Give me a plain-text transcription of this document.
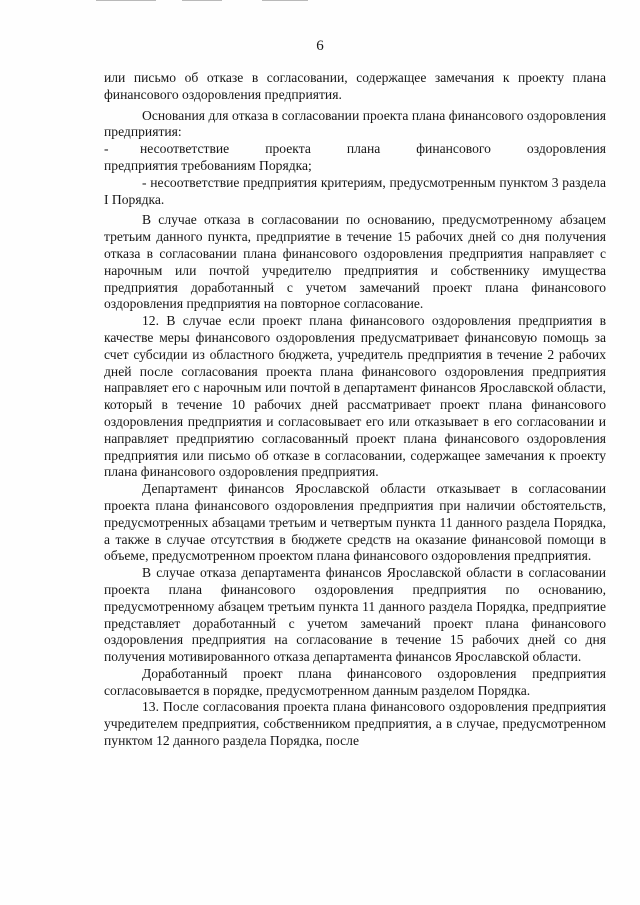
6

или письмо об отказе в согласовании, содержащее замечания к проекту плана финансового оздоровления предприятия.

Основания для отказа в согласовании проекта плана финансового оздоровления предприятия:

-	несоответствие проекта плана финансового оздоровления

предприятия требованиям Порядка;

- несоответствие предприятия критериям, предусмотренным пунктом 3 раздела I Порядка.

В случае отказа в согласовании по основанию, предусмотренному абзацем третьим данного пункта, предприятие в течение 15 рабочих дней со дня получения отказа в согласовании плана финансового оздоровления предприятия направляет с нарочным или почтой учредителю предприятия и собственнику имущества предприятия доработанный с учетом замечаний проект плана финансового оздоровления предприятия на повторное согласование.

12. В случае если проект плана финансового оздоровления предприятия в качестве меры финансового оздоровления предусматривает финансовую помощь за счет субсидии из областного бюджета, учредитель предприятия в течение 2 рабочих дней после согласования проекта плана финансового оздоровления предприятия направляет его с нарочным или почтой в департамент финансов Ярославской области, который в течение 10 рабочих дней рассматривает проект плана финансового оздоровления предприятия и согласовывает его или отказывает в его согласовании и направляет предприятию согласованный проект плана финансового оздоровления предприятия или письмо об отказе в согласовании, содержащее замечания к проекту плана финансового оздоровления предприятия.

Департамент финансов Ярославской области отказывает в согласовании проекта плана финансового оздоровления предприятия при наличии обстоятельств, предусмотренных абзацами третьим и четвертым пункта 11 данного раздела Порядка, а также в случае отсутствия в бюджете средств на оказание финансовой помощи в объеме, предусмотренном проектом плана финансового оздоровления предприятия.

В случае отказа департамента финансов Ярославской области в согласовании проекта плана финансового оздоровления предприятия по основанию, предусмотренному абзацем третьим пункта 11 данного раздела Порядка, предприятие представляет доработанный с учетом замечаний проект плана финансового оздоровления предприятия на согласование в течение 15 рабочих дней со дня получения мотивированного отказа департамента финансов Ярославской области.

Доработанный проект плана финансового оздоровления предприятия согласовывается в порядке, предусмотренном данным разделом Порядка.

13. После согласования проекта плана финансового оздоровления предприятия учредителем предприятия, собственником предприятия, а в случае, предусмотренном пунктом 12 данного раздела Порядка, после
